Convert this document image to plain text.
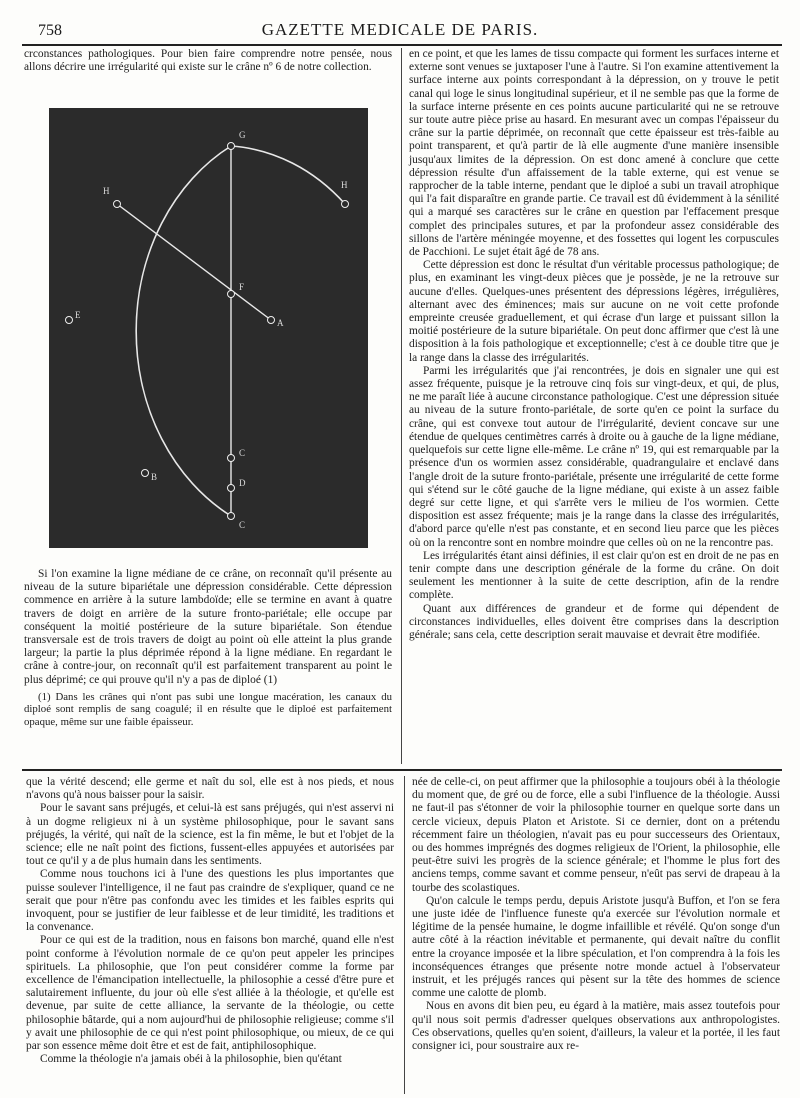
758	GAZETTE MEDICALE DE PARIS.

crconstances pathologiques. Pour bien faire comprendre notre pensée, nous allons décrire une irrégularité qui existe sur le crâne nº 6 de notre collection.

G
H
H
E
F
A
D
B
C
C

Si l'on examine la ligne médiane de ce crâne, on reconnaît qu'il présente au niveau de la suture bipariétale une dépression considérable. Cette dépression commence en arrière à la suture lambdoïde; elle se termine en avant à quatre travers de doigt en arrière de la suture fronto-pariétale; elle occupe par conséquent la moitié postérieure de la suture bipariétale. Son étendue transversale est de trois travers de doigt au point où elle atteint la plus grande largeur; la partie la plus déprimée répond à la ligne médiane. En regardant le crâne à contre-jour, on reconnaît qu'il est parfaitement transparent au point le plus déprimé; ce qui prouve qu'il n'y a pas de diploé (1)

(1) Dans les crânes qui n'ont pas subi une longue macération, les canaux du diploé sont remplis de sang coagulé; il en résulte que le diploé est parfaitement opaque, même sur une faible épaisseur.

en ce point, et que les lames de tissu compacte qui forment les surfaces interne et externe sont venues se juxtaposer l'une à l'autre. Si l'on examine attentivement la surface interne aux points correspondant à la dépression, on y trouve le petit canal qui loge le sinus longitudinal supérieur, et il ne semble pas que la forme de la surface interne présente en ces points aucune particularité qui ne se retrouve sur toute autre pièce prise au hasard. En mesurant avec un compas l'épaisseur du crâne sur la partie déprimée, on reconnaît que cette épaisseur est très-faible au point transparent, et qu'à partir de là elle augmente d'une manière insensible jusqu'aux limites de la dépression. On est donc amené à conclure que cette dépression résulte d'un affaissement de la table externe, qui est venue se rapprocher de la table interne, pendant que le diploé a subi un travail atrophique qui l'a fait disparaître en grande partie. Ce travail est dû évidemment à la sénilité qui a marqué ses caractères sur le crâne en question par l'effacement presque complet des principales sutures, et par la profondeur assez considérable des sillons de l'artère méningée moyenne, et des fossettes qui logent les corpuscules de Pacchioni. Le sujet était âgé de 78 ans.

Cette dépression est donc le résultat d'un véritable processus pathologique; de plus, en examinant les vingt-deux pièces que je possède, je ne la retrouve sur aucune d'elles. Quelques-unes présentent des dépressions légères, irrégulières, alternant avec des éminences; mais sur aucune on ne voit cette profonde empreinte creusée graduellement, et qui écrase d'un large et puissant sillon la moitié postérieure de la suture bipariétale. On peut donc affirmer que c'est là une disposition à la fois pathologique et exceptionnelle; c'est à ce double titre que je la range dans la classe des irrégularités.

Parmi les irrégularités que j'ai rencontrées, je dois en signaler une qui est assez fréquente, puisque je la retrouve cinq fois sur vingt-deux, et qui, de plus, ne me paraît liée à aucune circonstance pathologique. C'est une dépression située au niveau de la suture fronto-pariétale, de sorte qu'en ce point la surface du crâne, qui est convexe tout autour de l'irrégularité, devient concave sur une étendue de quelques centimètres carrés à droite ou à gauche de la ligne médiane, quelquefois sur cette ligne elle-même. Le crâne nº 19, qui est remarquable par la présence d'un os wormien assez considérable, quadrangulaire et enclavé dans l'angle droit de la suture fronto-pariétale, présente une irrégularité de cette forme qui s'étend sur le côté gauche de la ligne médiane, qui existe à un assez faible degré sur cette ligne, et qui s'arrête vers le milieu de l'os wormien. Cette disposition est assez fréquente; mais je la range dans la classe des irrégularités, d'abord parce qu'elle n'est pas constante, et en second lieu parce que les pièces où on la rencontre sont en nombre moindre que celles où on ne la rencontre pas.

Les irrégularités étant ainsi définies, il est clair qu'on est en droit de ne pas en tenir compte dans une description générale de la forme du crâne. On doit seulement les mentionner à la suite de cette description, afin de la rendre complète.

Quant aux différences de grandeur et de forme qui dépendent de circonstances individuelles, elles doivent être comprises dans la description générale; sans cela, cette description serait mauvaise et devrait être modifiée.

que la vérité descend; elle germe et naît du sol, elle est à nos pieds, et nous n'avons qu'à nous baisser pour la saisir.

Pour le savant sans préjugés, et celui-là est sans préjugés, qui n'est asservi ni à un dogme religieux ni à un système philosophique, pour le savant sans préjugés, la vérité, qui naît de la science, est la fin même, le but et l'objet de la science; elle ne naît point des fictions, fussent-elles appuyées et autorisées par tout ce qu'il y a de plus humain dans les sentiments.

Comme nous touchons ici à l'une des questions les plus importantes que puisse soulever l'intelligence, il ne faut pas craindre de s'expliquer, quand ce ne serait que pour n'être pas confondu avec les timides et les faibles esprits qui invoquent, pour se justifier de leur faiblesse et de leur timidité, les traditions et la convenance.

Pour ce qui est de la tradition, nous en faisons bon marché, quand elle n'est point conforme à l'évolution normale de ce qu'on peut appeler les principes spirituels. La philosophie, que l'on peut considérer comme la forme par excellence de l'émancipation intellectuelle, la philosophie a cessé d'être pure et salutairement influente, du jour où elle s'est alliée à la théologie, et qu'elle est devenue, par suite de cette alliance, la servante de la théologie, ou cette philosophie bâtarde, qui a nom aujourd'hui de philosophie religieuse; comme s'il y avait une philosophie de ce qui n'est point philosophique, ou mieux, de ce qui par son essence même doit être et est de fait, antiphilosophique.

Comme la théologie n'a jamais obéi à la philosophie, bien qu'étant

née de celle-ci, on peut affirmer que la philosophie a toujours obéi à la théologie du moment que, de gré ou de force, elle a subi l'influence de la théologie. Aussi ne faut-il pas s'étonner de voir la philosophie tourner en quelque sorte dans un cercle vicieux, depuis Platon et Aristote. Si ce dernier, dont on a prétendu récemment faire un théologien, n'avait pas eu pour successeurs des Orientaux, ou des hommes imprégnés des dogmes religieux de l'Orient, la philosophie, elle peut-être suivi les progrès de la science générale; et l'homme le plus fort des anciens temps, comme savant et comme penseur, n'eût pas servi de drapeau à la tourbe des scolastiques.

Qu'on calcule le temps perdu, depuis Aristote jusqu'à Buffon, et l'on se fera une juste idée de l'influence funeste qu'a exercée sur l'évolution normale et légitime de la pensée humaine, le dogme infaillible et révélé. Qu'on songe d'un autre côté à la réaction inévitable et permanente, qui devait naître du conflit entre la croyance imposée et la libre spéculation, et l'on comprendra à la fois les inconséquences étranges que présente notre monde actuel à l'observateur instruit, et les préjugés rances qui pèsent sur la tête des hommes de science comme une calotte de plomb.

Nous en avons dit bien peu, eu égard à la matière, mais assez toutefois pour qu'il nous soit permis d'adresser quelques observations aux anthropologistes. Ces observations, quelles qu'en soient, d'ailleurs, la valeur et la portée, il les faut consigner ici, pour soustraire aux re-
